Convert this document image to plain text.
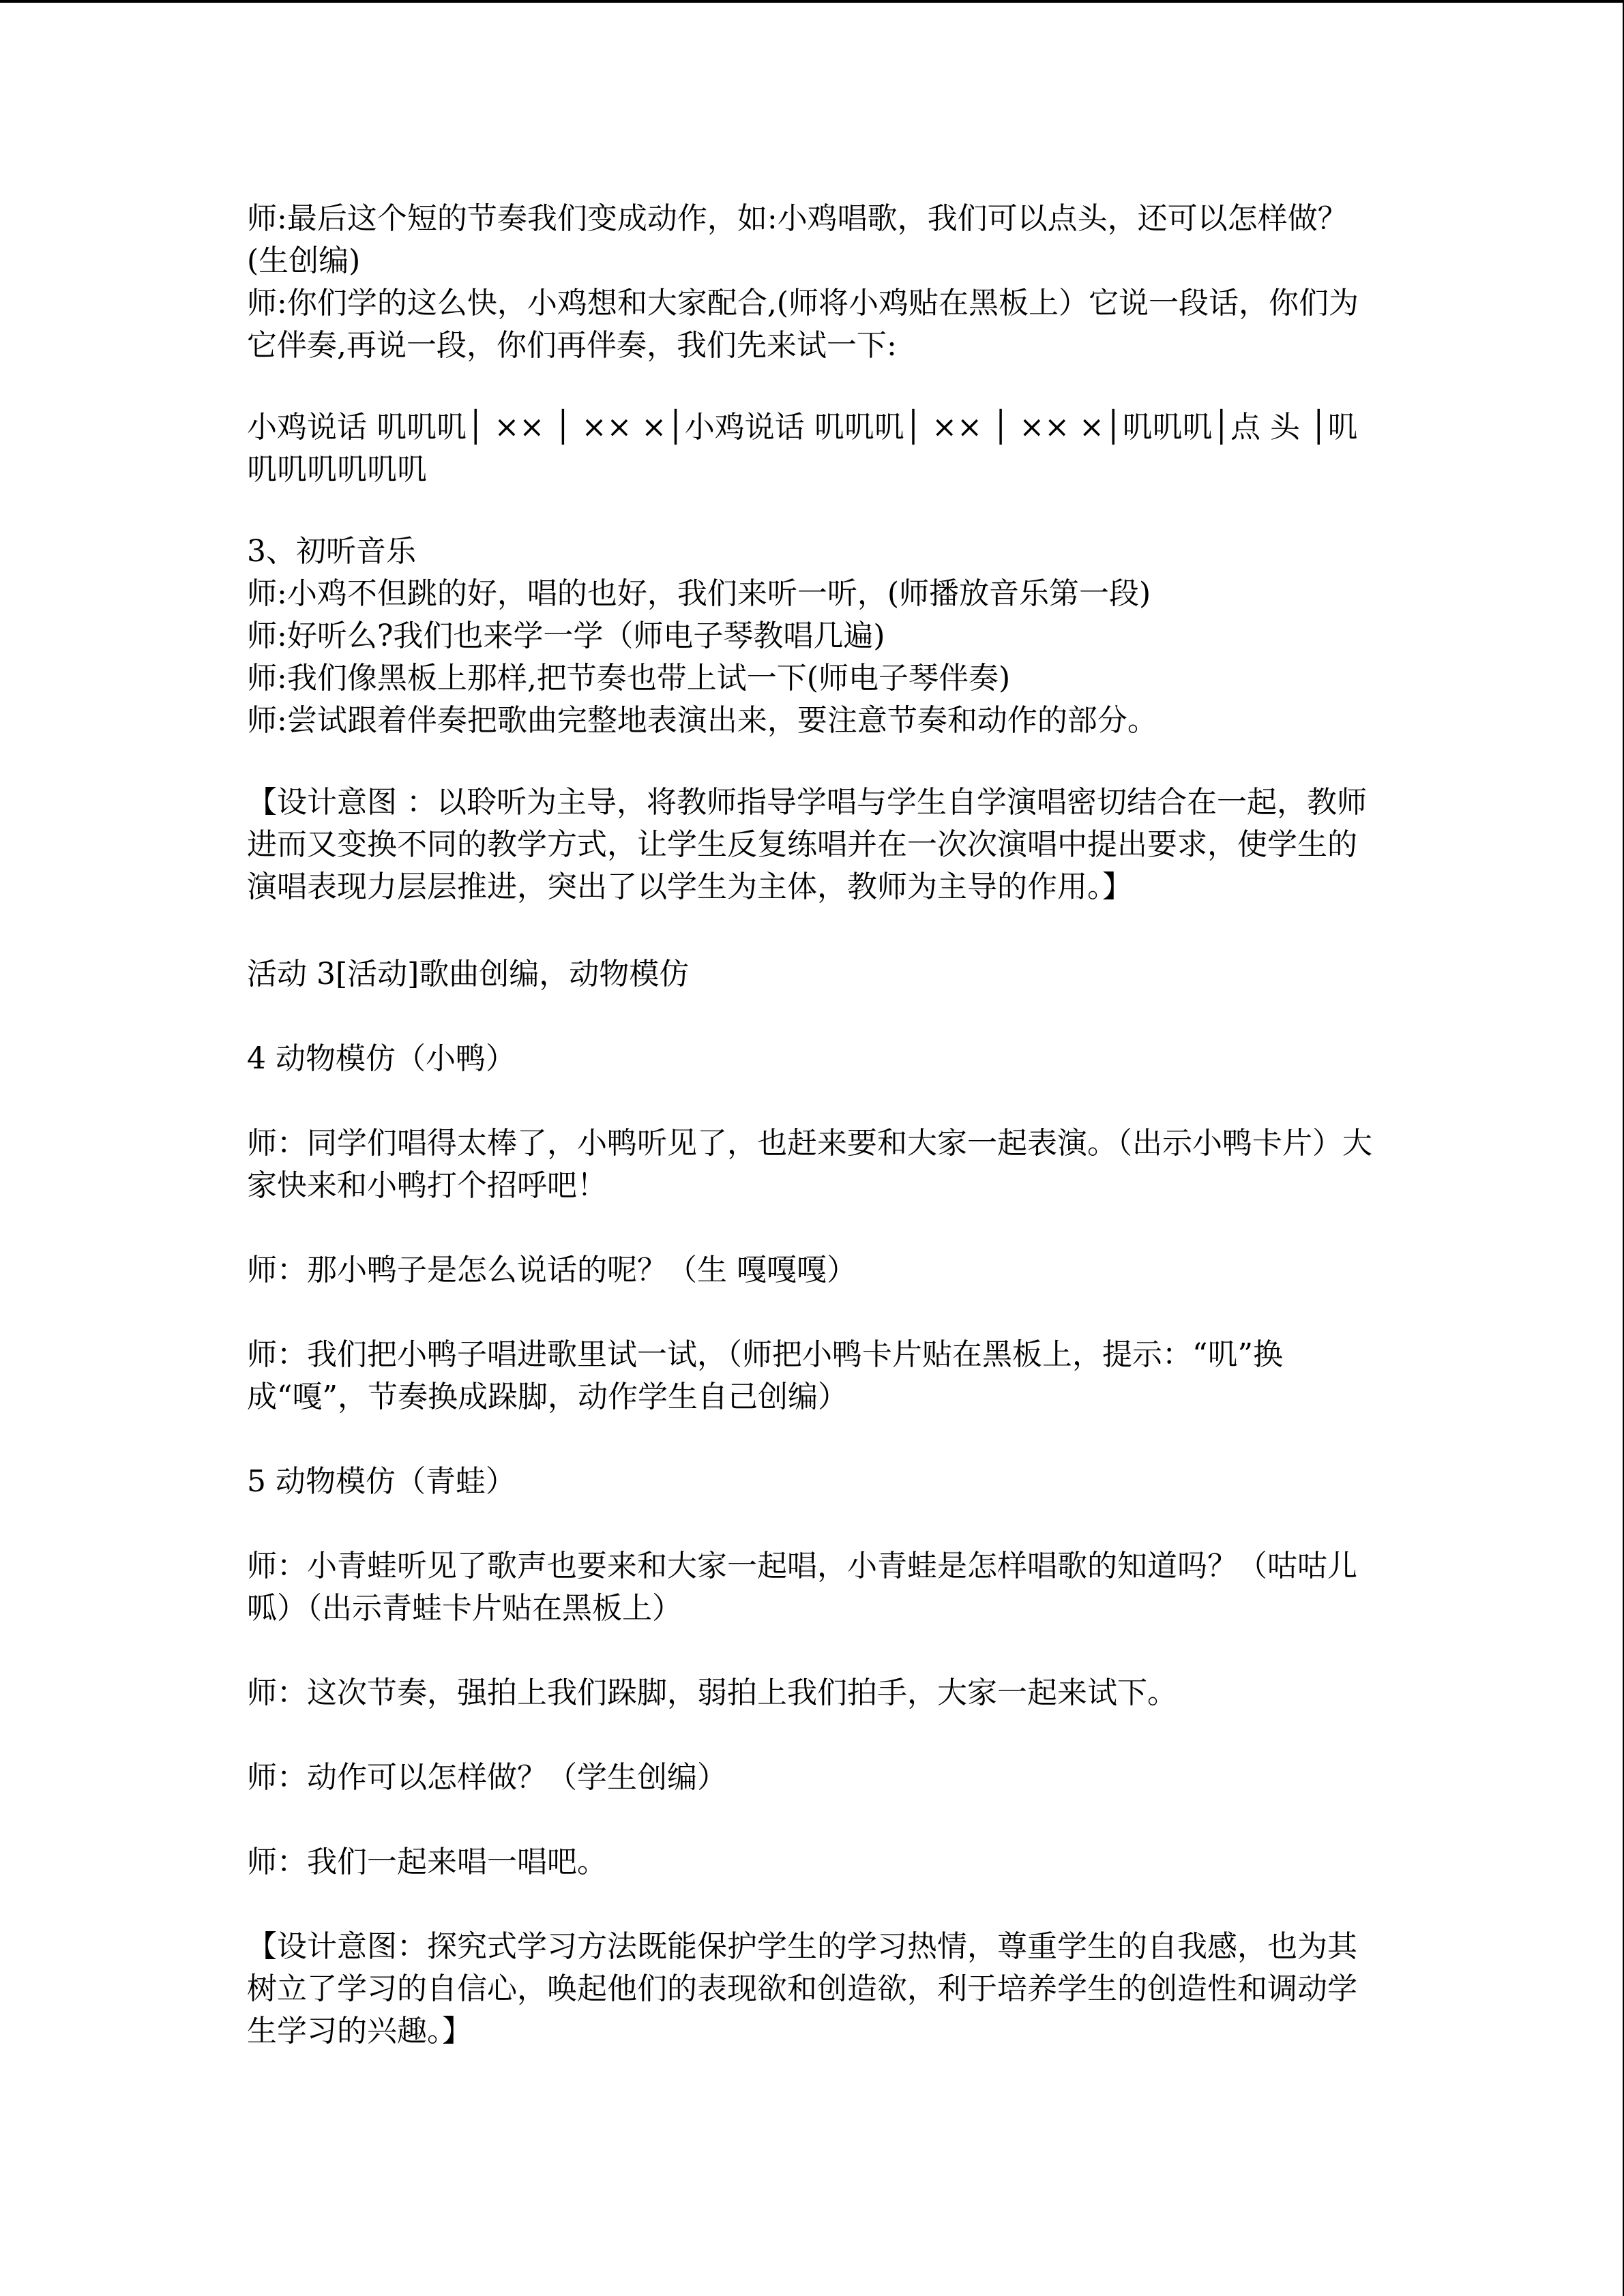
师:最后这个短的节奏我们变成动作，如:小鸡唱歌，我们可以点头，还可以怎样做？(生创编)

师:你们学的这么快，小鸡想和大家配合,(师将小鸡贴在黑板上）它说一段话，你们为它伴奏,再说一段，你们再伴奏，我们先来试一下:

小鸡说话 叽叽叽│ ×× │ ×× ×│小鸡说话 叽叽叽│ ×× │ ×× ×│叽叽叽│点 头 │叽叽叽叽叽叽叽

3、初听音乐

师:小鸡不但跳的好，唱的也好，我们来听一听，(师播放音乐第一段)

师:好听么?我们也来学一学（师电子琴教唱几遍)

师:我们像黑板上那样,把节奏也带上试一下(师电子琴伴奏)

师:尝试跟着伴奏把歌曲完整地表演出来，要注意节奏和动作的部分。

【设计意图 ：以聆听为主导，将教师指导学唱与学生自学演唱密切结合在一起，教师进而又变换不同的教学方式，让学生反复练唱并在一次次演唱中提出要求，使学生的演唱表现力层层推进，突出了以学生为主体，教师为主导的作用。】

活动 3[活动]歌曲创编，动物模仿

4 动物模仿（小鸭）

师：同学们唱得太棒了，小鸭听见了，也赶来要和大家一起表演。（出示小鸭卡片）大家快来和小鸭打个招呼吧！

师：那小鸭子是怎么说话的呢？（生 嘎嘎嘎）

师：我们把小鸭子唱进歌里试一试，（师把小鸭卡片贴在黑板上，提示：“叽”换成“嘎”，节奏换成跺脚，动作学生自己创编）

5 动物模仿（青蛙）

师：小青蛙听见了歌声也要来和大家一起唱，小青蛙是怎样唱歌的知道吗？（咕咕儿呱）（出示青蛙卡片贴在黑板上）

师：这次节奏，强拍上我们跺脚，弱拍上我们拍手，大家一起来试下。

师：动作可以怎样做？（学生创编）

师：我们一起来唱一唱吧。

【设计意图：探究式学习方法既能保护学生的学习热情，尊重学生的自我感，也为其树立了学习的自信心，唤起他们的表现欲和创造欲，利于培养学生的创造性和调动学生学习的兴趣。】
